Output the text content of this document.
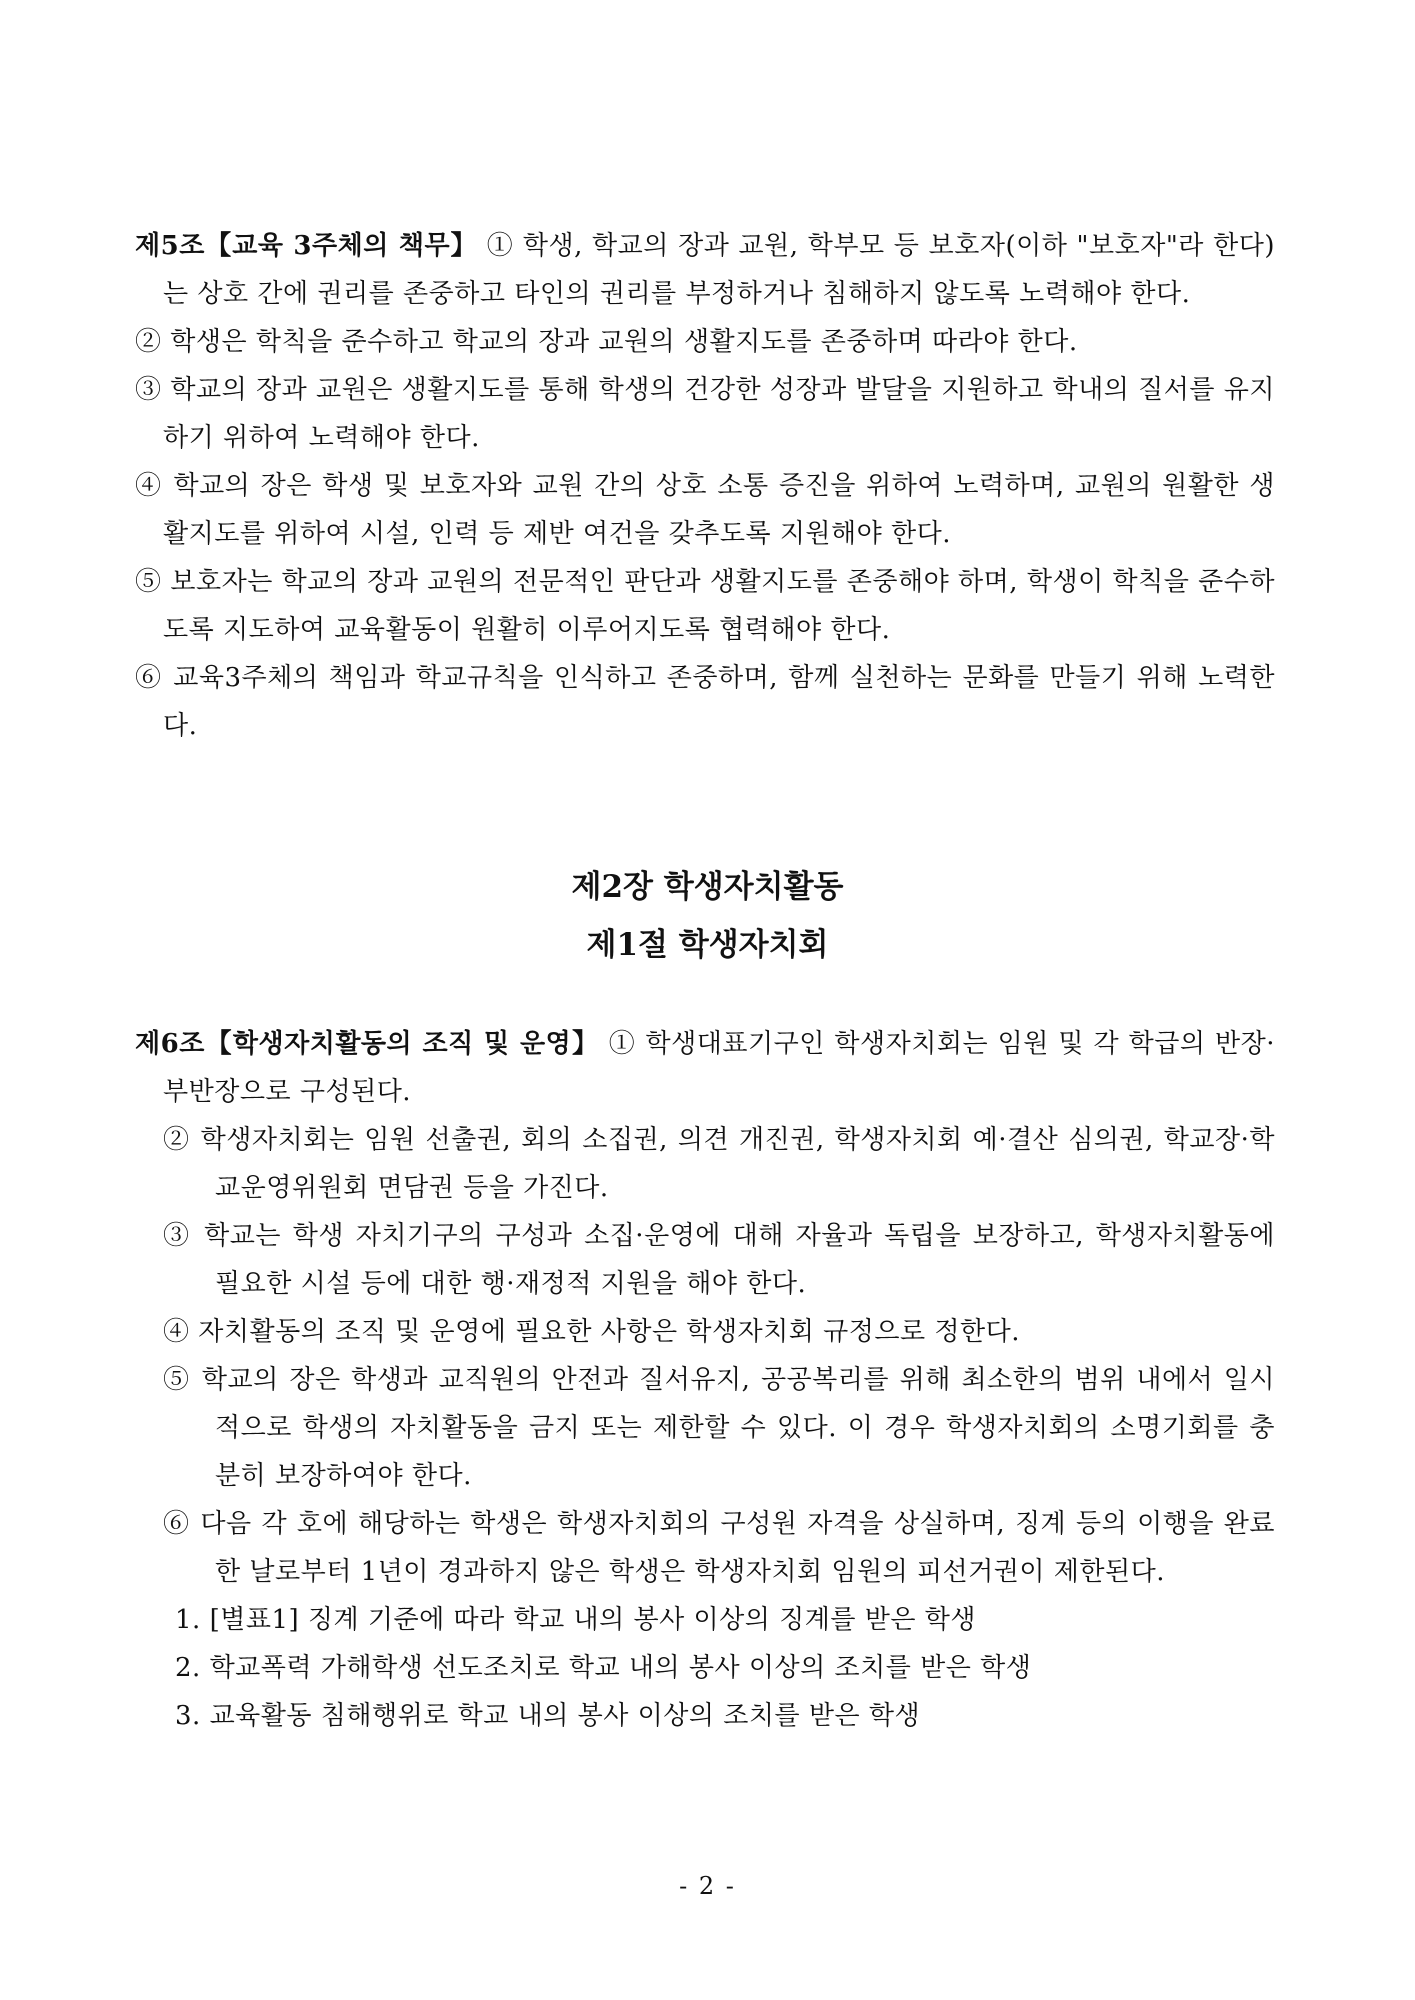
제5조【교육 3주체의 책무】 ① 학생, 학교의 장과 교원, 학부모 등 보호자(이하 "보호자"라 한다)는 상호 간에 권리를 존중하고 타인의 권리를 부정하거나 침해하지 않도록 노력해야 한다.

② 학생은 학칙을 준수하고 학교의 장과 교원의 생활지도를 존중하며 따라야 한다.

③ 학교의 장과 교원은 생활지도를 통해 학생의 건강한 성장과 발달을 지원하고 학내의 질서를 유지하기 위하여 노력해야 한다.

④ 학교의 장은 학생 및 보호자와 교원 간의 상호 소통 증진을 위하여 노력하며, 교원의 원활한 생활지도를 위하여 시설, 인력 등 제반 여건을 갖추도록 지원해야 한다.

⑤ 보호자는 학교의 장과 교원의 전문적인 판단과 생활지도를 존중해야 하며, 학생이 학칙을 준수하도록 지도하여 교육활동이 원활히 이루어지도록 협력해야 한다.

⑥ 교육3주체의 책임과 학교규칙을 인식하고 존중하며, 함께 실천하는 문화를 만들기 위해 노력한다.

제2장 학생자치활동
제1절 학생자치회

제6조【학생자치활동의 조직 및 운영】 ① 학생대표기구인 학생자치회는 임원 및 각 학급의 반장·부반장으로 구성된다.

② 학생자치회는 임원 선출권, 회의 소집권, 의견 개진권, 학생자치회 예·결산 심의권, 학교장·학교운영위원회 면담권 등을 가진다.

③ 학교는 학생 자치기구의 구성과 소집·운영에 대해 자율과 독립을 보장하고, 학생자치활동에 필요한 시설 등에 대한 행·재정적 지원을 해야 한다.

④ 자치활동의 조직 및 운영에 필요한 사항은 학생자치회 규정으로 정한다.

⑤ 학교의 장은 학생과 교직원의 안전과 질서유지, 공공복리를 위해 최소한의 범위 내에서 일시적으로 학생의 자치활동을 금지 또는 제한할 수 있다. 이 경우 학생자치회의 소명기회를 충분히 보장하여야 한다.

⑥ 다음 각 호에 해당하는 학생은 학생자치회의 구성원 자격을 상실하며, 징계 등의 이행을 완료한 날로부터 1년이 경과하지 않은 학생은 학생자치회 임원의 피선거권이 제한된다.

1. [별표1] 징계 기준에 따라 학교 내의 봉사 이상의 징계를 받은 학생

2. 학교폭력 가해학생 선도조치로 학교 내의 봉사 이상의 조치를 받은 학생

3. 교육활동 침해행위로 학교 내의 봉사 이상의 조치를 받은 학생

- 2 -
